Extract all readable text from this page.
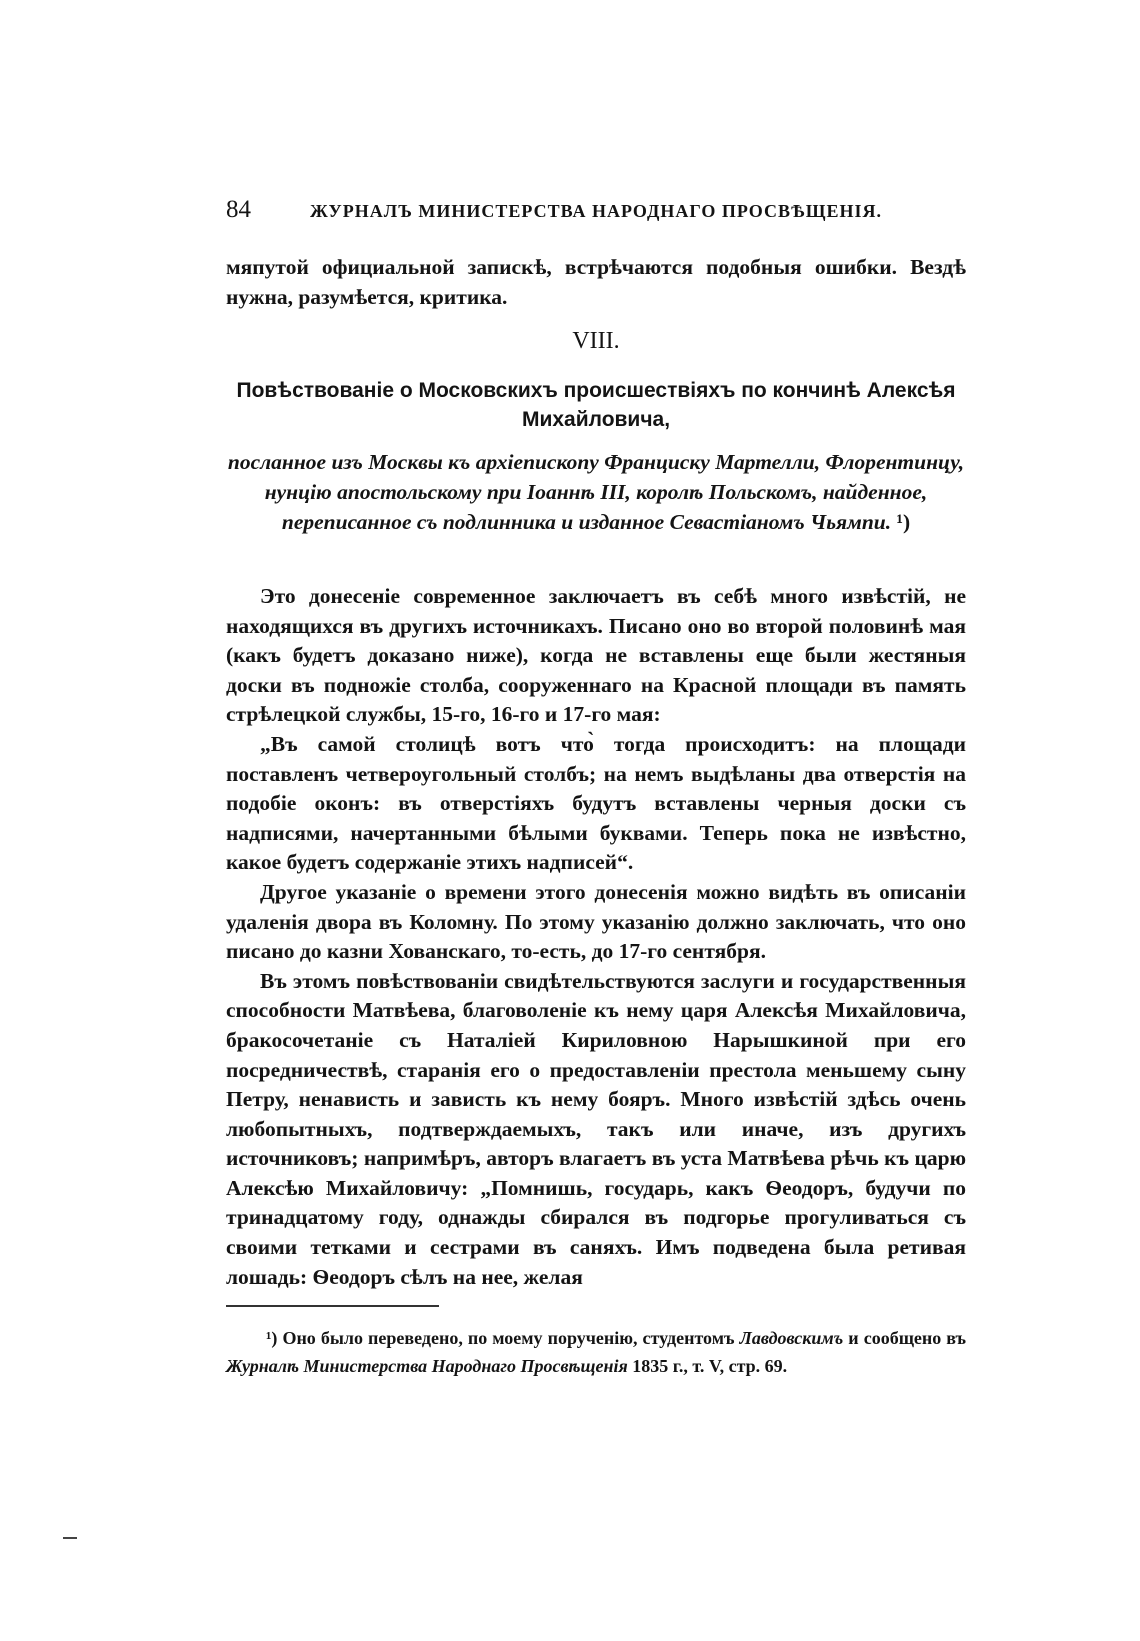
84	ЖУРНАЛЪ МИНИСТЕРСТВА НАРОДНАГО ПРОСВѢЩЕНІЯ.
мяпутой официальной запискѣ, встрѣчаются подобныя ошибки. Вездѣ нужна, разумѣется, критика.
VIII.
Повѣствованіе о Московскихъ происшествіяхъ по кончинѣ Алексѣя Михайловича,
посланное изъ Москвы къ архіепископу Франциску Мартелли, Флорентинцу, нунцію апостольскому при Іоаннѣ III, королѣ Польскомъ, найденное, переписанное съ подлинника и изданное Севастіаномъ Чьямпи. ¹)

Это донесеніе современное заключаетъ въ себѣ много извѣстій, не находящихся въ другихъ источникахъ. Писано оно во второй половинѣ мая (какъ будетъ доказано ниже), когда не вставлены еще были жестяныя доски въ подножіе столба, сооруженнаго на Красной площади въ память стрѣлецкой службы, 15-го, 16-го и 17-го мая:

„Въ самой столицѣ вотъ что̀ тогда происходитъ: на площади поставленъ четвероугольный столбъ; на немъ выдѣланы два отверстія на подобіе оконъ: въ отверстіяхъ будутъ вставлены черныя доски съ надписями, начертанными бѣлыми буквами. Теперь пока не извѣстно, какое будетъ содержаніе этихъ надписей“.

Другое указаніе о времени этого донесенія можно видѣть въ описаніи удаленія двора въ Коломну. По этому указанію должно заключать, что оно писано до казни Хованскаго, то-есть, до 17-го сентября.

Въ этомъ повѣствованіи свидѣтельствуются заслуги и государственныя способности Матвѣева, благоволеніе къ нему царя Алексѣя Михайловича, бракосочетаніе съ Наталіей Кириловною Нарышкиной при его посредничествѣ, старанія его о предоставленіи престола меньшему сыну Петру, ненависть и зависть къ нему бояръ. Много извѣстій здѣсь очень любопытныхъ, подтверждаемыхъ, такъ или иначе, изъ другихъ источниковъ; напримѣръ, авторъ влагаетъ въ уста Матвѣева рѣчь къ царю Алексѣю Михайловичу: „Помнишь, государь, какъ Ѳеодоръ, будучи по тринадцатому году, однажды сбирался въ подгорье прогуливаться съ своими тетками и сестрами въ саняхъ. Имъ подведена была ретивая лошадь: Ѳеодоръ сѣлъ на нее, желая

¹) Оно было переведено, по моему порученію, студентомъ Лавдовскимъ и сообщено въ Журналѣ Министерства Народнаго Просвѣщенія 1835 г., т. V, стр. 69.
